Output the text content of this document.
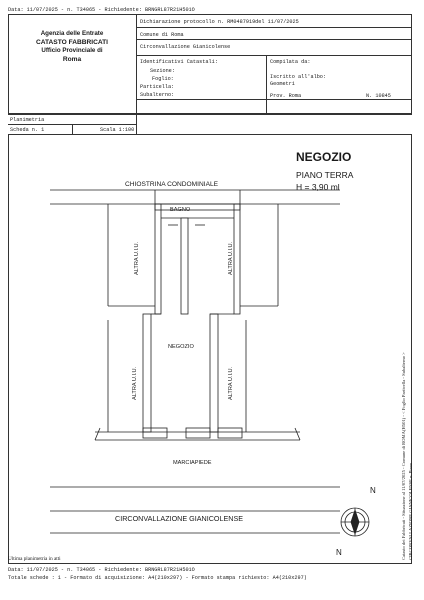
Data: 11/07/2025 - n. T34065 - Richiedente: BRNGRL87R21H501O
Agenzia delle Entrate
CATASTO FABBRICATI
Ufficio Provinciale di
Roma
Dichiarazione protocollo n. RM0487919del 11/07/2025
Comune di Roma
Circonvallazione Gianicolense
Identificativi Catastali:
Sezione:
Foglio:
Particella:
Subalterno:
Compilata da:
Iscritto all'albo:
Geometri
Prov. Roma	N. 10845
Planimetria
Scheda n. 1	Scala 1:100
NEGOZIO
PIANO TERRA
H = 3,90 ml
CHIOSTRINA CONDOMINIALE
BAGNO
NEGOZIO
ALTRA U.I.U.	ALTRA U.I.U.
ALTRA U.I.U.	ALTRA U.I.U.
MARCIAPIEDE
CIRCONVALLAZIONE GIANICOLENSE
N
N	Catasto dei Fabbricati - Situazione al 11/07/2025 - Comune di ROMA(H501) - < Foglio Particella - Subalterno > CIRCONVALLAZIONE GIANICOLENSE n. Piano
Ultima planimetria in atti
Data: 11/07/2025 - n. T34065 - Richiedente: BRNGRL87R21H501O
Totale schede : 1 - Formato di acquisizione: A4(210x297) - Formato stampa richiesto: A4(210x297)
